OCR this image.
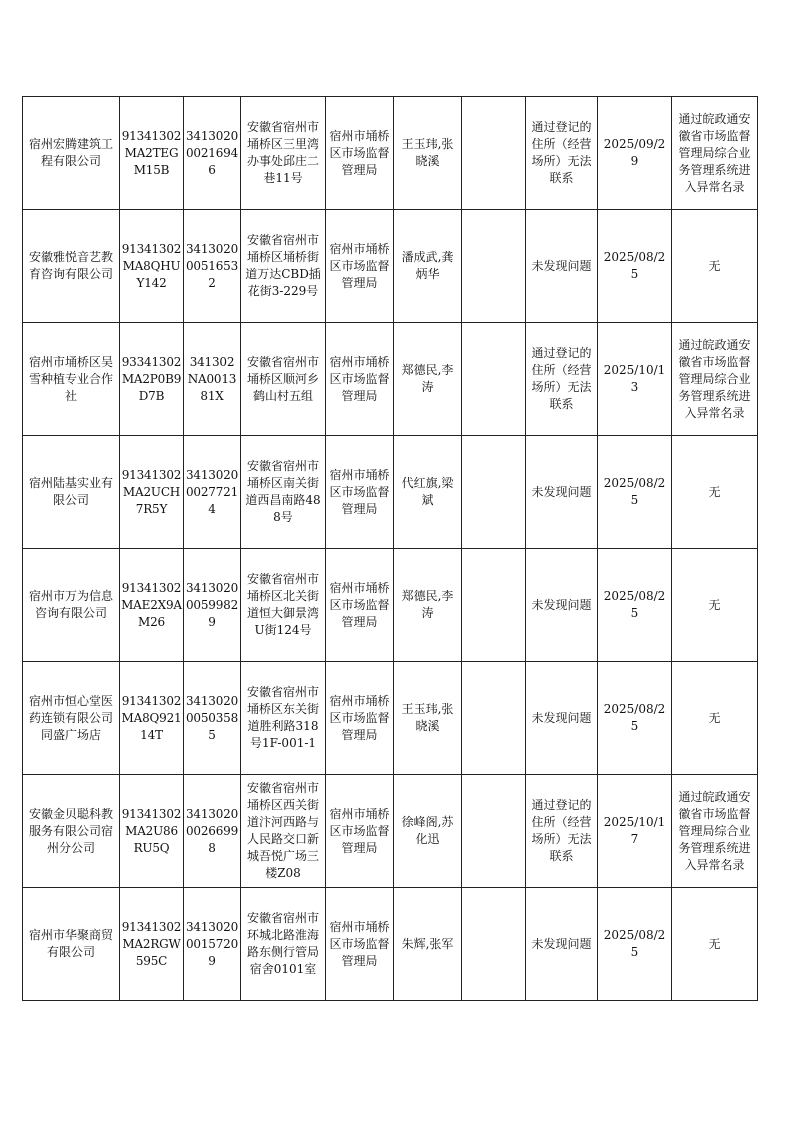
宿州宏腾建筑工程有限公司	91341302MA2TEGM15B	341302000216946	安徽省宿州市埇桥区三里湾办事处邱庄二巷11号	宿州市埇桥区市场监督管理局	王玉玮,张晓溪		通过登记的住所（经营场所）无法联系	2025/09/29	通过皖政通安徽省市场监督管理局综合业务管理系统进入异常名录
安徽雅悦音艺教育咨询有限公司	91341302MA8QHUY142	341302000516532	安徽省宿州市埇桥区埇桥街道万达CBD插花街3-229号	宿州市埇桥区市场监督管理局	潘成武,龚炳华		未发现问题	2025/08/25	无
宿州市埇桥区吴雪种植专业合作社	93341302MA2P0B9D7B	341302NA001381X	安徽省宿州市埇桥区顺河乡鹤山村五组	宿州市埇桥区市场监督管理局	郑德民,李涛		通过登记的住所（经营场所）无法联系	2025/10/13	通过皖政通安徽省市场监督管理局综合业务管理系统进入异常名录
宿州陆基实业有限公司	91341302MA2UCH7R5Y	341302000277214	安徽省宿州市埇桥区南关街道西昌南路488号	宿州市埇桥区市场监督管理局	代红旗,梁斌		未发现问题	2025/08/25	无
宿州市万为信息咨询有限公司	91341302MAE2X9AM26	341302000599829	安徽省宿州市埇桥区北关街道恒大御景湾U街124号	宿州市埇桥区市场监督管理局	郑德民,李涛		未发现问题	2025/08/25	无
宿州市恒心堂医药连锁有限公司同盛广场店	91341302MA8Q92114T	341302000503585	安徽省宿州市埇桥区东关街道胜利路318号1F-001-1	宿州市埇桥区市场监督管理局	王玉玮,张晓溪		未发现问题	2025/08/25	无
安徽金贝聪科教服务有限公司宿州分公司	91341302MA2U86RU5Q	341302000266998	安徽省宿州市埇桥区西关街道汴河西路与人民路交口新城吾悦广场三楼Z08	宿州市埇桥区市场监督管理局	徐峰阁,苏化迅		通过登记的住所（经营场所）无法联系	2025/10/17	通过皖政通安徽省市场监督管理局综合业务管理系统进入异常名录
宿州市华聚商贸有限公司	91341302MA2RGW595C	341302000157209	安徽省宿州市环城北路淮海路东侧行管局宿舍0101室	宿州市埇桥区市场监督管理局	朱辉,张军		未发现问题	2025/08/25	无
